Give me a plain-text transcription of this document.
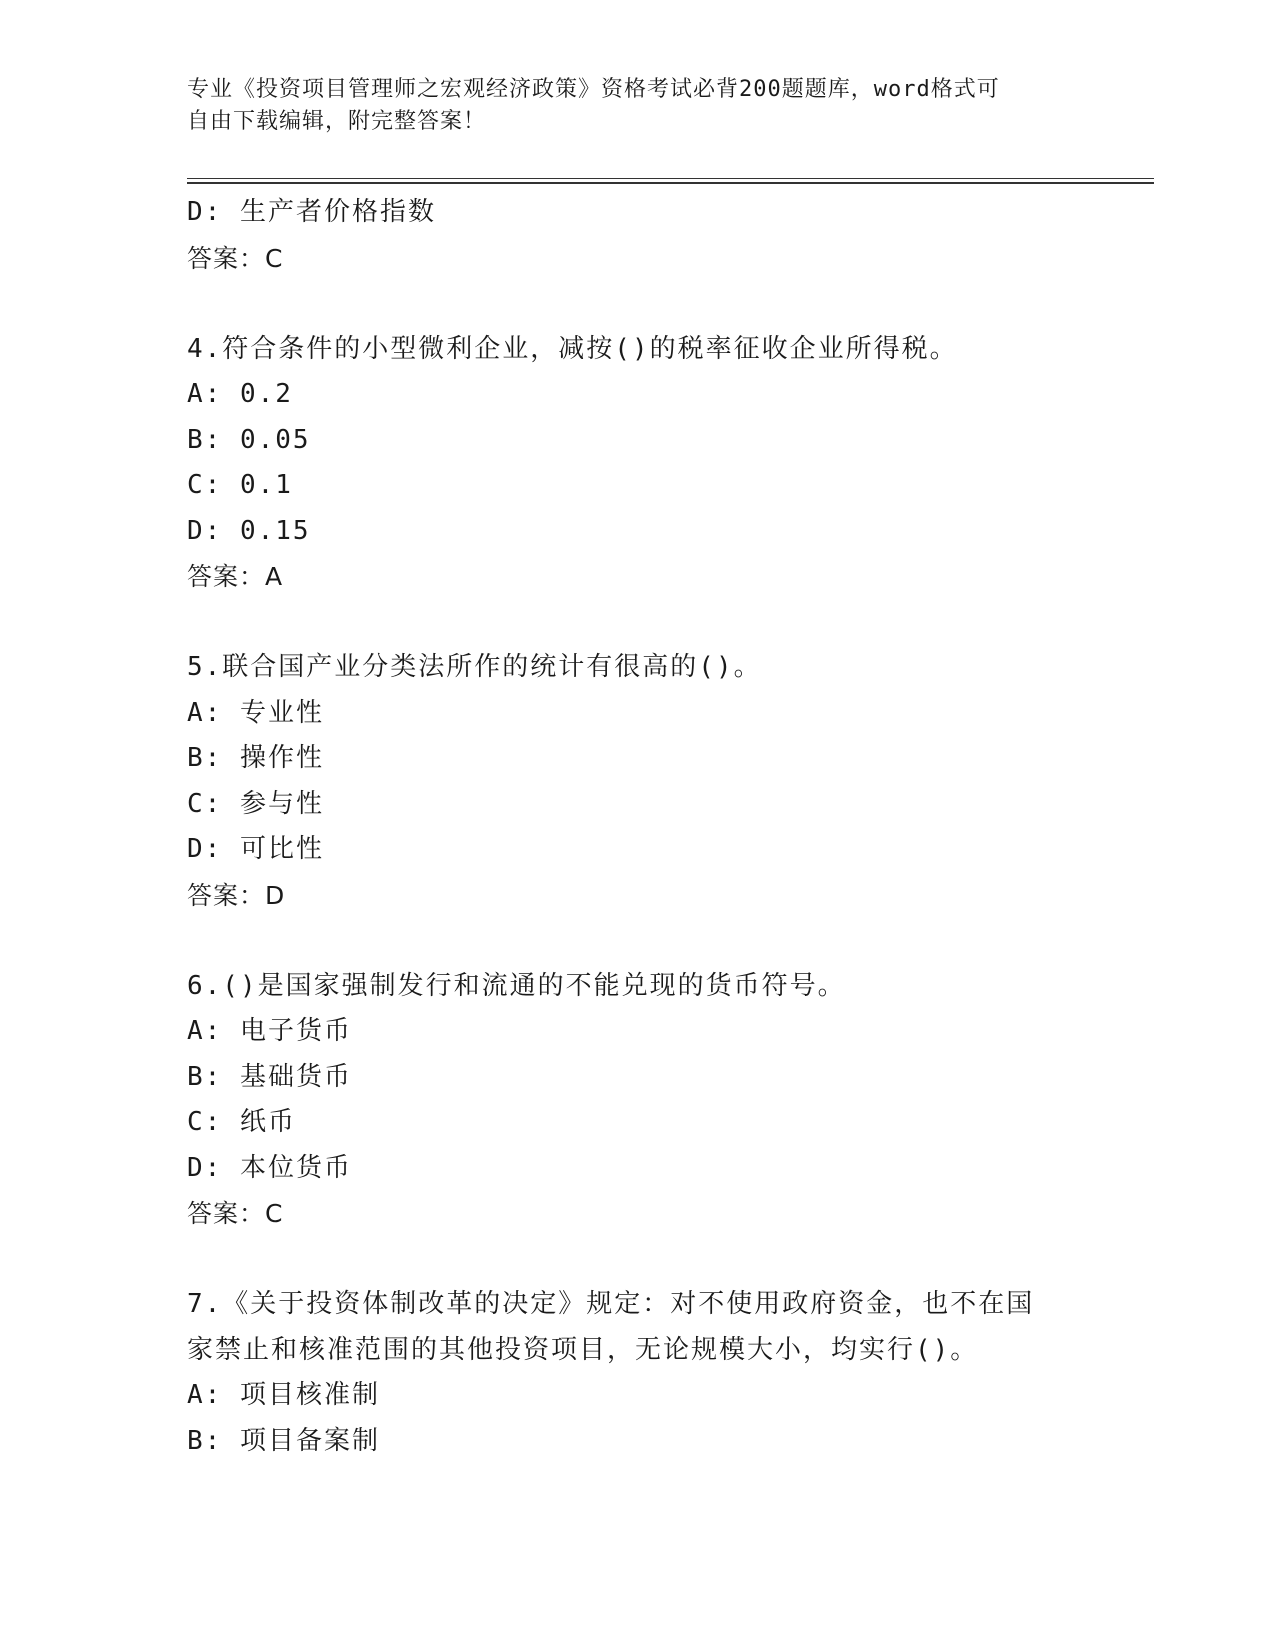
专业《投资项目管理师之宏观经济政策》资格考试必背200题题库，word格式可
自由下载编辑，附完整答案！
D: 生产者价格指数
答案：C
4.符合条件的小型微利企业，减按()的税率征收企业所得税。
A: 0.2
B: 0.05
C: 0.1
D: 0.15
答案：A
5.联合国产业分类法所作的统计有很高的()。
A: 专业性
B: 操作性
C: 参与性
D: 可比性
答案：D
6.()是国家强制发行和流通的不能兑现的货币符号。
A: 电子货币
B: 基础货币
C: 纸币
D: 本位货币
答案：C
7.《关于投资体制改革的决定》规定：对不使用政府资金，也不在国
家禁止和核准范围的其他投资项目，无论规模大小，均实行()。
A: 项目核准制
B: 项目备案制
